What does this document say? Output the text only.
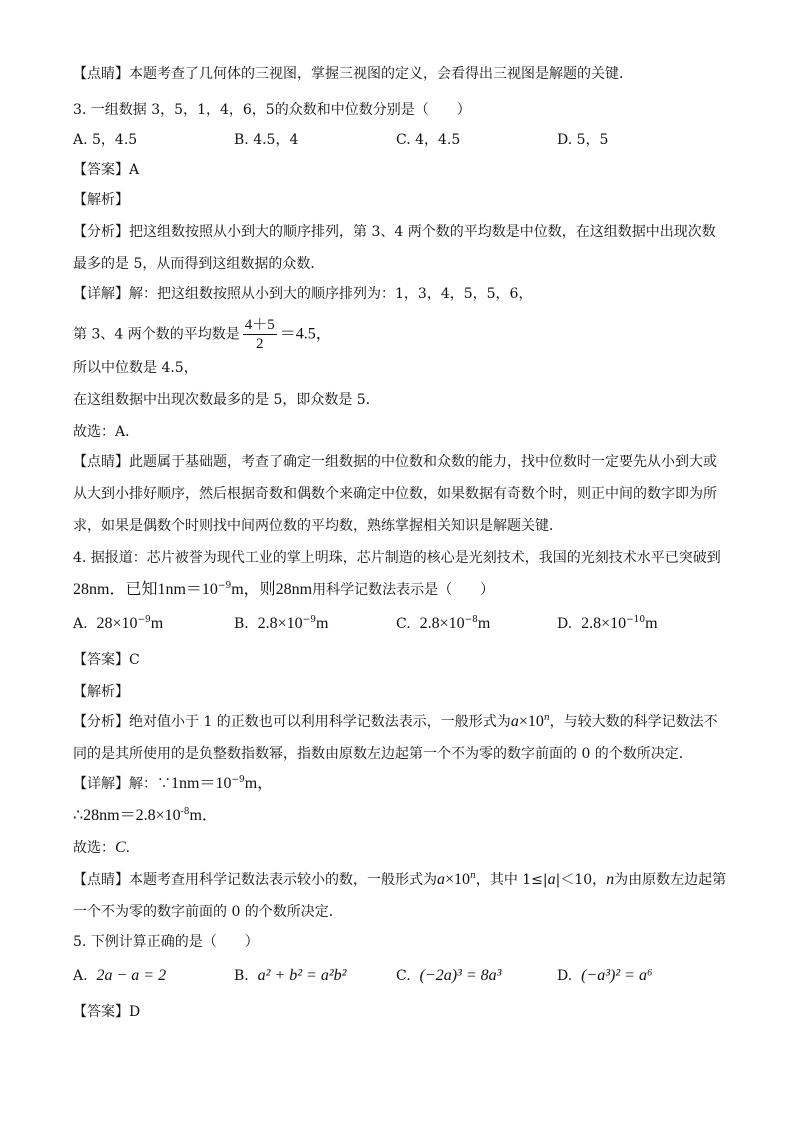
【点睛】本题考查了几何体的三视图，掌握三视图的定义，会看得出三视图是解题的关键．
3. 一组数据 3，5，1，4，6，5的众数和中位数分别是（　　）
A. 5，4.5	B. 4.5，4	C. 4，4.5	D. 5，5
【答案】A
【解析】
【分析】把这组数按照从小到大的顺序排列，第 3、4 两个数的平均数是中位数，在这组数据中出现次数
最多的是 5，从而得到这组数据的众数．
【详解】解：把这组数按照从小到大的顺序排列为：1，3，4，5，5，6，
第 3、4 两个数的平均数是 $\frac{4+5}{2} =4.5$，
所以中位数是 4.5，
在这组数据中出现次数最多的是 5，即众数是 5．
故选：A．
【点睛】此题属于基础题，考查了确定一组数据的中位数和众数的能力，找中位数时一定要先从小到大或
从大到小排好顺序，然后根据奇数和偶数个来确定中位数，如果数据有奇数个时，则正中间的数字即为所
求，如果是偶数个时则找中间两位数的平均数，熟练掌握相关知识是解题关键．
4. 据报道：芯片被誉为现代工业的掌上明珠，芯片制造的核心是光刻技术，我国的光刻技术水平已突破到
28nm．已知$1nm=10^{-9}m$，则28nm用科学记数法表示是（　　）
A. $28\times 10^{-9}m$	B. $2.8\times 10^{-9}m$	C. $2.8\times 10^{-8}m$	D. $2.8\times 10^{-10}m$
【答案】C
【解析】
【分析】绝对值小于 1 的正数也可以利用科学记数法表示，一般形式为$a\times 10^n$，与较大数的科学记数法不
同的是其所使用的是负整数指数幂，指数由原数左边起第一个不为零的数字前面的 0 的个数所决定．
【详解】解：$\because 1nm=10^{-9}m$，
$\therefore 28nm=2.8\times 10^{-8}m$．
故选：C．
【点睛】本题考查用科学记数法表示较小的数，一般形式为$a\times 10^n$，其中 1≤|a|＜10，n为由原数左边起第
一个不为零的数字前面的 0 的个数所决定．
5. 下例计算正确的是（　　）
A. 2a − a = 2	B. a² + b² = a²b²	C. (−2a)³ = 8a³	D. (−a³)² = a⁶
【答案】D
